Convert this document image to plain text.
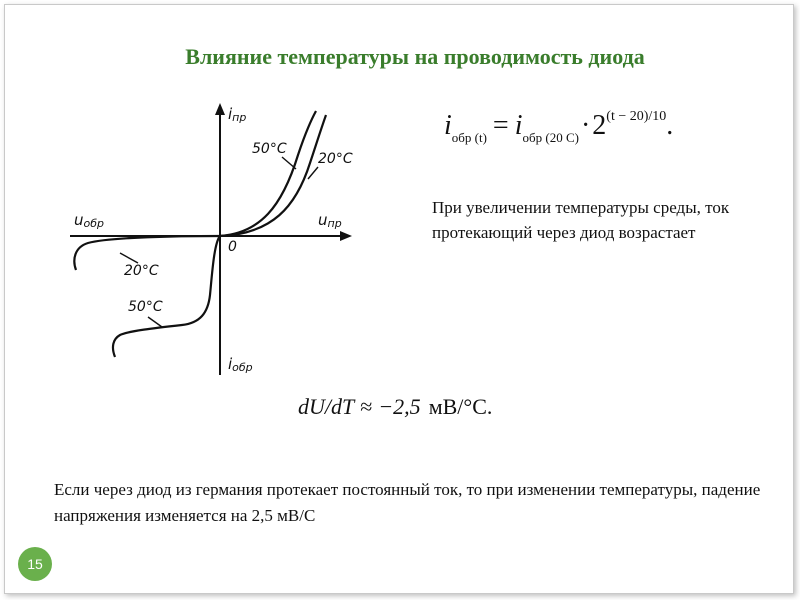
Влияние температуры на проводимость диода
iпр
uпр
uобр
iобр
0
50°С
20°С
20°С
50°С
$i_{обр (t)} = i_{обр (20 С)}\cdot 2^{(t - 20)/10}$.
При увеличении температуры среды, ток протекающий через диод возрастает
dU/dT ≈ −2,5 мВ/°С.
Если через диод из германия протекает постоянный ток, то при изменении температуры, падение напряжения изменяется на 2,5 мВ/С
15
